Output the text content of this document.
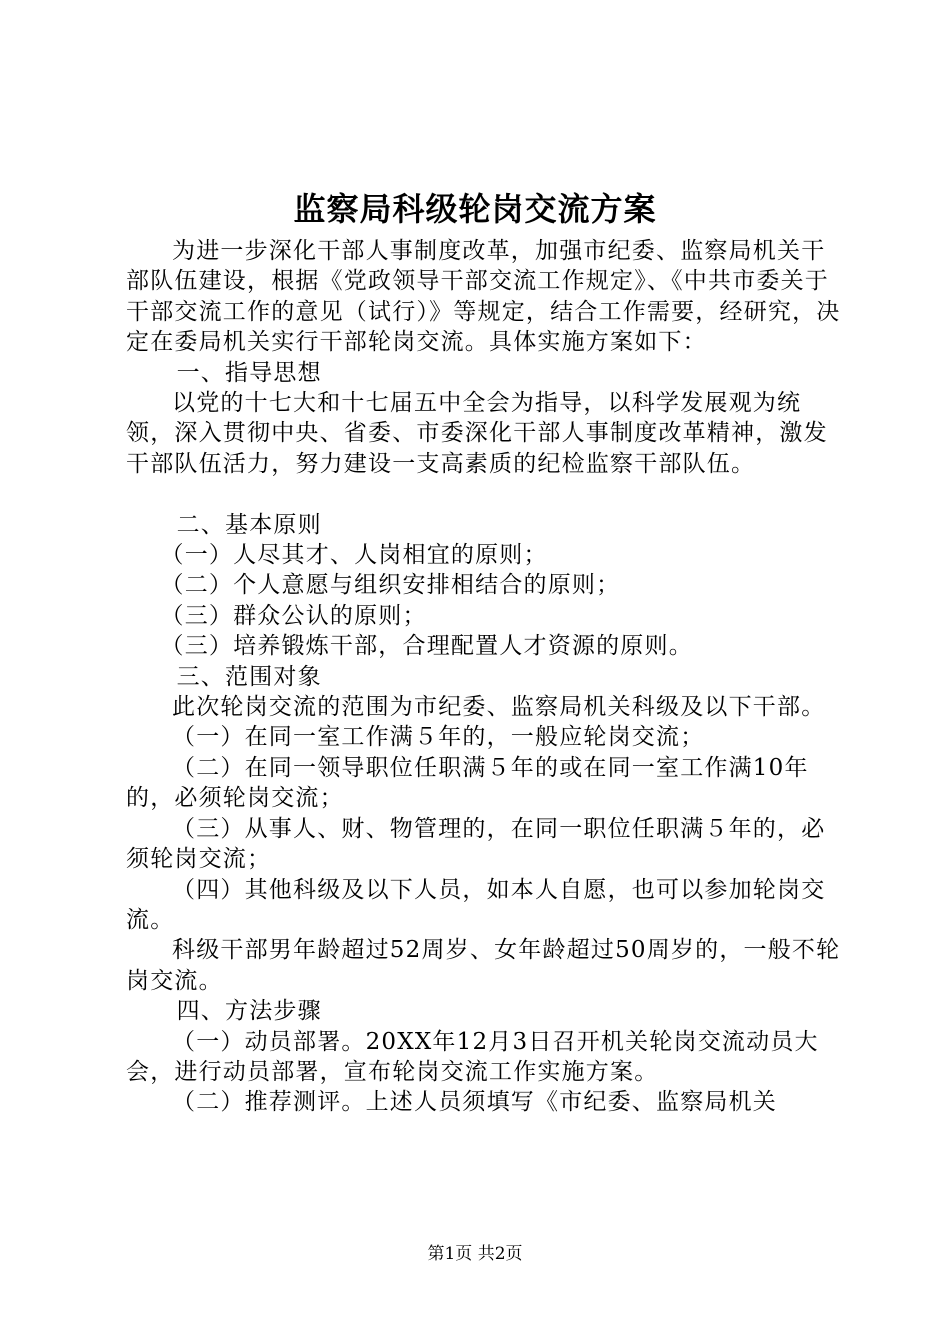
监察局科级轮岗交流方案

为进一步深化干部人事制度改革，加强市纪委、监察局机关干部队伍建设，根据《党政领导干部交流工作规定》、《中共市委关于干部交流工作的意见（试行）》等规定，结合工作需要，经研究，决定在委局机关实行干部轮岗交流。具体实施方案如下：

一、指导思想

以党的十七大和十七届五中全会为指导，以科学发展观为统领，深入贯彻中央、省委、市委深化干部人事制度改革精神，激发干部队伍活力，努力建设一支高素质的纪检监察干部队伍。

二、基本原则

（一）人尽其才、人岗相宜的原则；

（二）个人意愿与组织安排相结合的原则；

（三）群众公认的原则；

（三）培养锻炼干部，合理配置人才资源的原则。

三、范围对象

此次轮岗交流的范围为市纪委、监察局机关科级及以下干部。

（一）在同一室工作满５年的，一般应轮岗交流；

（二）在同一领导职位任职满５年的或在同一室工作满10年的，必须轮岗交流；

（三）从事人、财、物管理的，在同一职位任职满５年的，必须轮岗交流；

（四）其他科级及以下人员，如本人自愿，也可以参加轮岗交流。

科级干部男年龄超过52周岁、女年龄超过50周岁的，一般不轮岗交流。

四、方法步骤

（一）动员部署。20XX年12月3日召开机关轮岗交流动员大会，进行动员部署，宣布轮岗交流工作实施方案。

（二）推荐测评。上述人员须填写《市纪委、监察局机关

第1页 共2页
